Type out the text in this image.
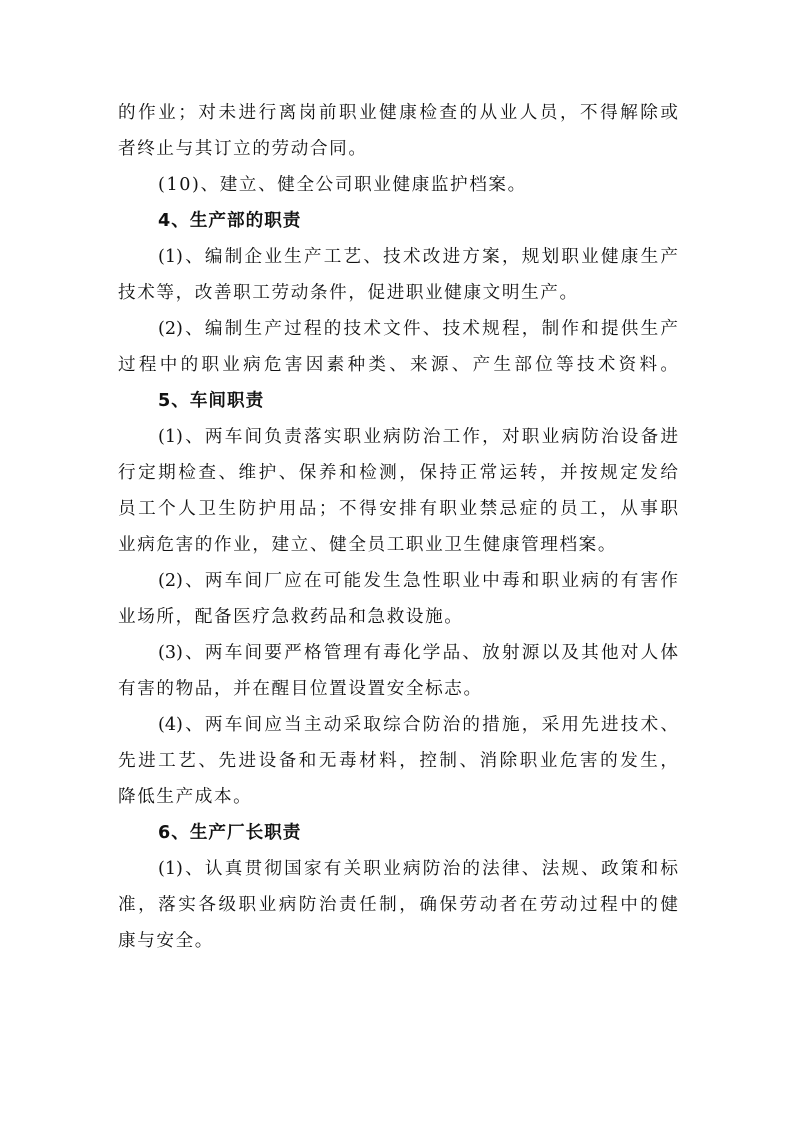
的作业；对未进行离岗前职业健康检查的从业人员，不得解除或
者终止与其订立的劳动合同。
(10)、建立、健全公司职业健康监护档案。
4、生产部的职责
(1)、编制企业生产工艺、技术改进方案，规划职业健康生产
技术等，改善职工劳动条件，促进职业健康文明生产。
(2)、编制生产过程的技术文件、技术规程，制作和提供生产
过程中的职业病危害因素种类、来源、产生部位等技术资料。
5、车间职责
(1)、两车间负责落实职业病防治工作，对职业病防治设备进
行定期检查、维护、保养和检测，保持正常运转，并按规定发给
员工个人卫生防护用品；不得安排有职业禁忌症的员工，从事职
业病危害的作业，建立、健全员工职业卫生健康管理档案。
(2)、两车间厂应在可能发生急性职业中毒和职业病的有害作
业场所，配备医疗急救药品和急救设施。
(3)、两车间要严格管理有毒化学品、放射源以及其他对人体
有害的物品，并在醒目位置设置安全标志。
(4)、两车间应当主动采取综合防治的措施，采用先进技术、
先进工艺、先进设备和无毒材料，控制、消除职业危害的发生，
降低生产成本。
6、生产厂长职责
(1)、认真贯彻国家有关职业病防治的法律、法规、政策和标
准，落实各级职业病防治责任制，确保劳动者在劳动过程中的健
康与安全。
